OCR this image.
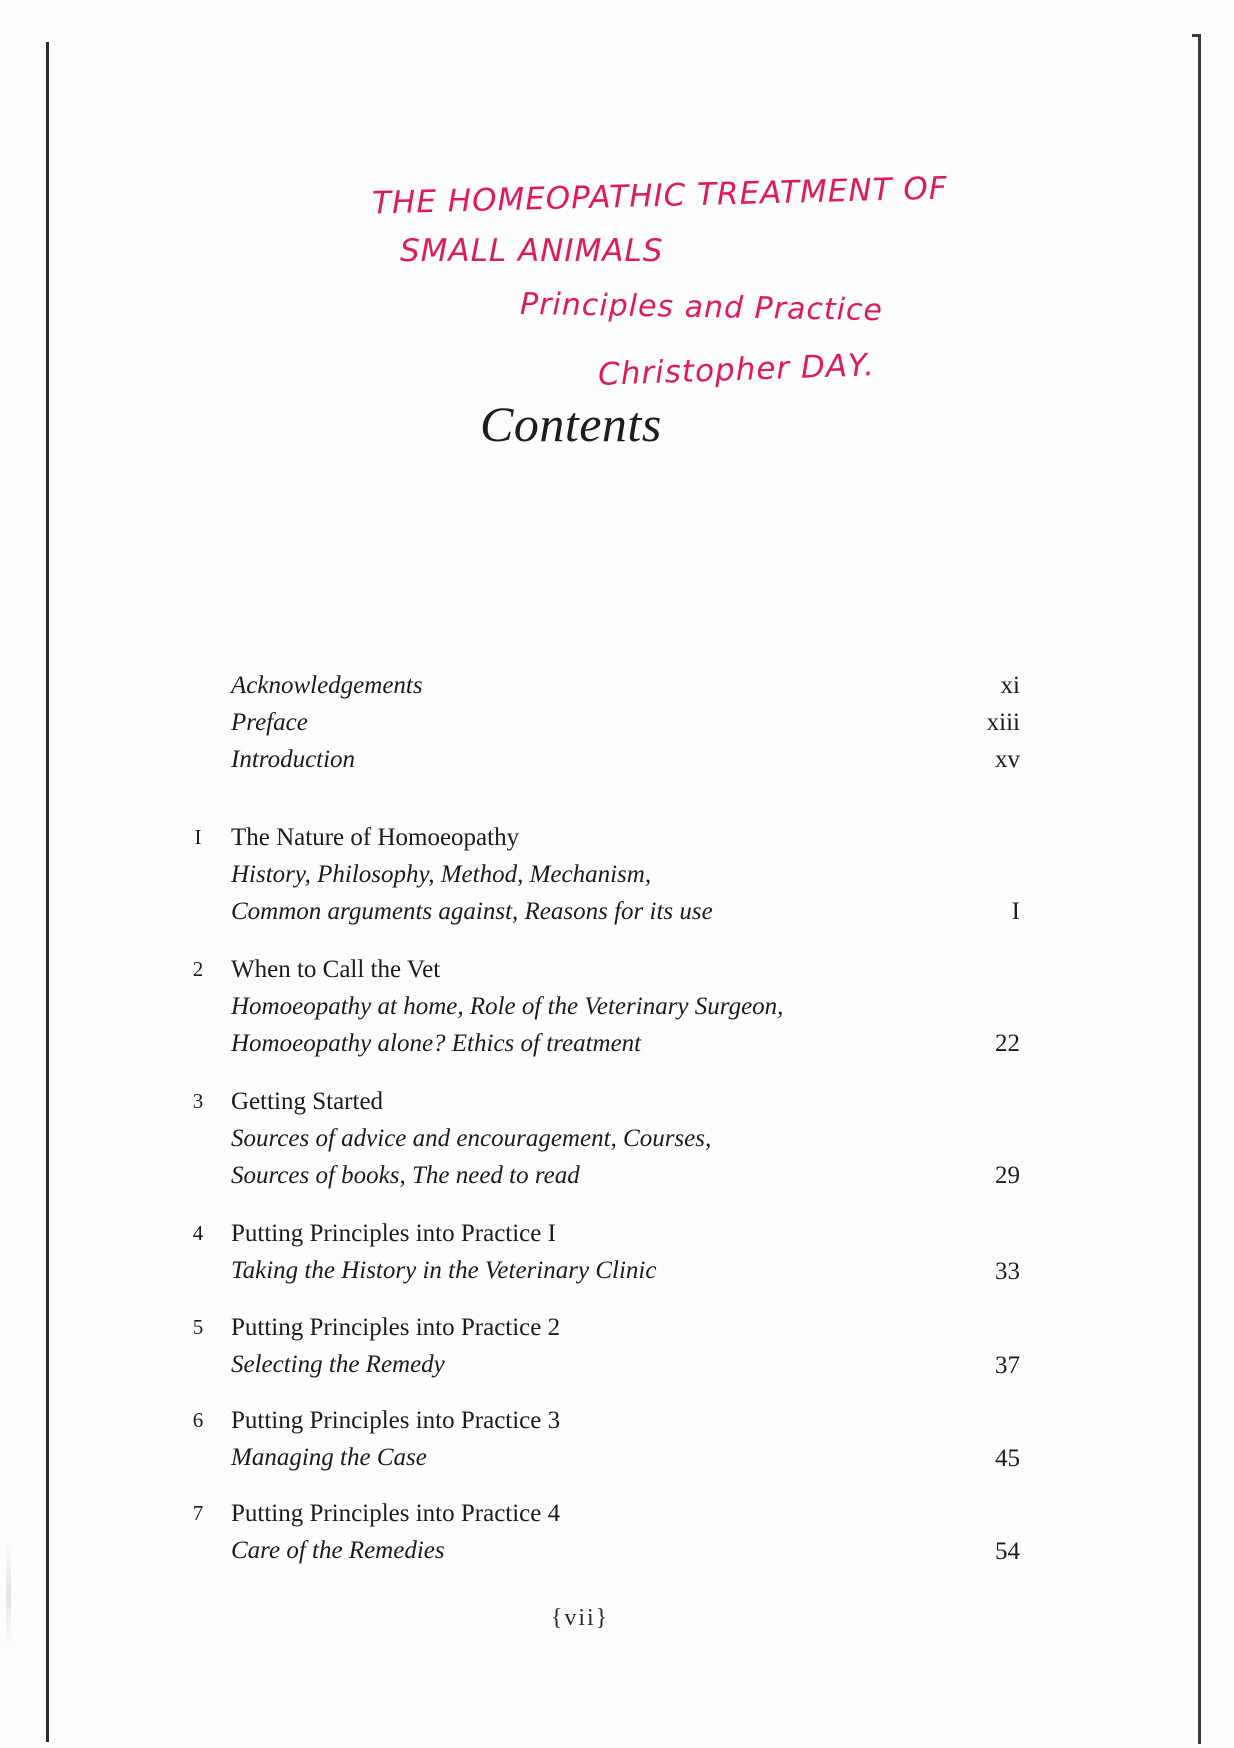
THE HOMEOPATHIC TREATMENT OF
SMALL ANIMALS
Principles and Practice
Christopher DAY.
Contents
Acknowledgements	xi
Preface	xiii
Introduction	xv
I	The Nature of Homoeopathy
History, Philosophy, Method, Mechanism,
Common arguments against, Reasons for its use	I
2	When to Call the Vet
Homoeopathy at home, Role of the Veterinary Surgeon,
Homoeopathy alone? Ethics of treatment	22
3	Getting Started
Sources of advice and encouragement, Courses,
Sources of books, The need to read	29
4	Putting Principles into Practice I
Taking the History in the Veterinary Clinic	33
5	Putting Principles into Practice 2
Selecting the Remedy	37
6	Putting Principles into Practice 3
Managing the Case	45
7	Putting Principles into Practice 4
Care of the Remedies	54
{vii}
